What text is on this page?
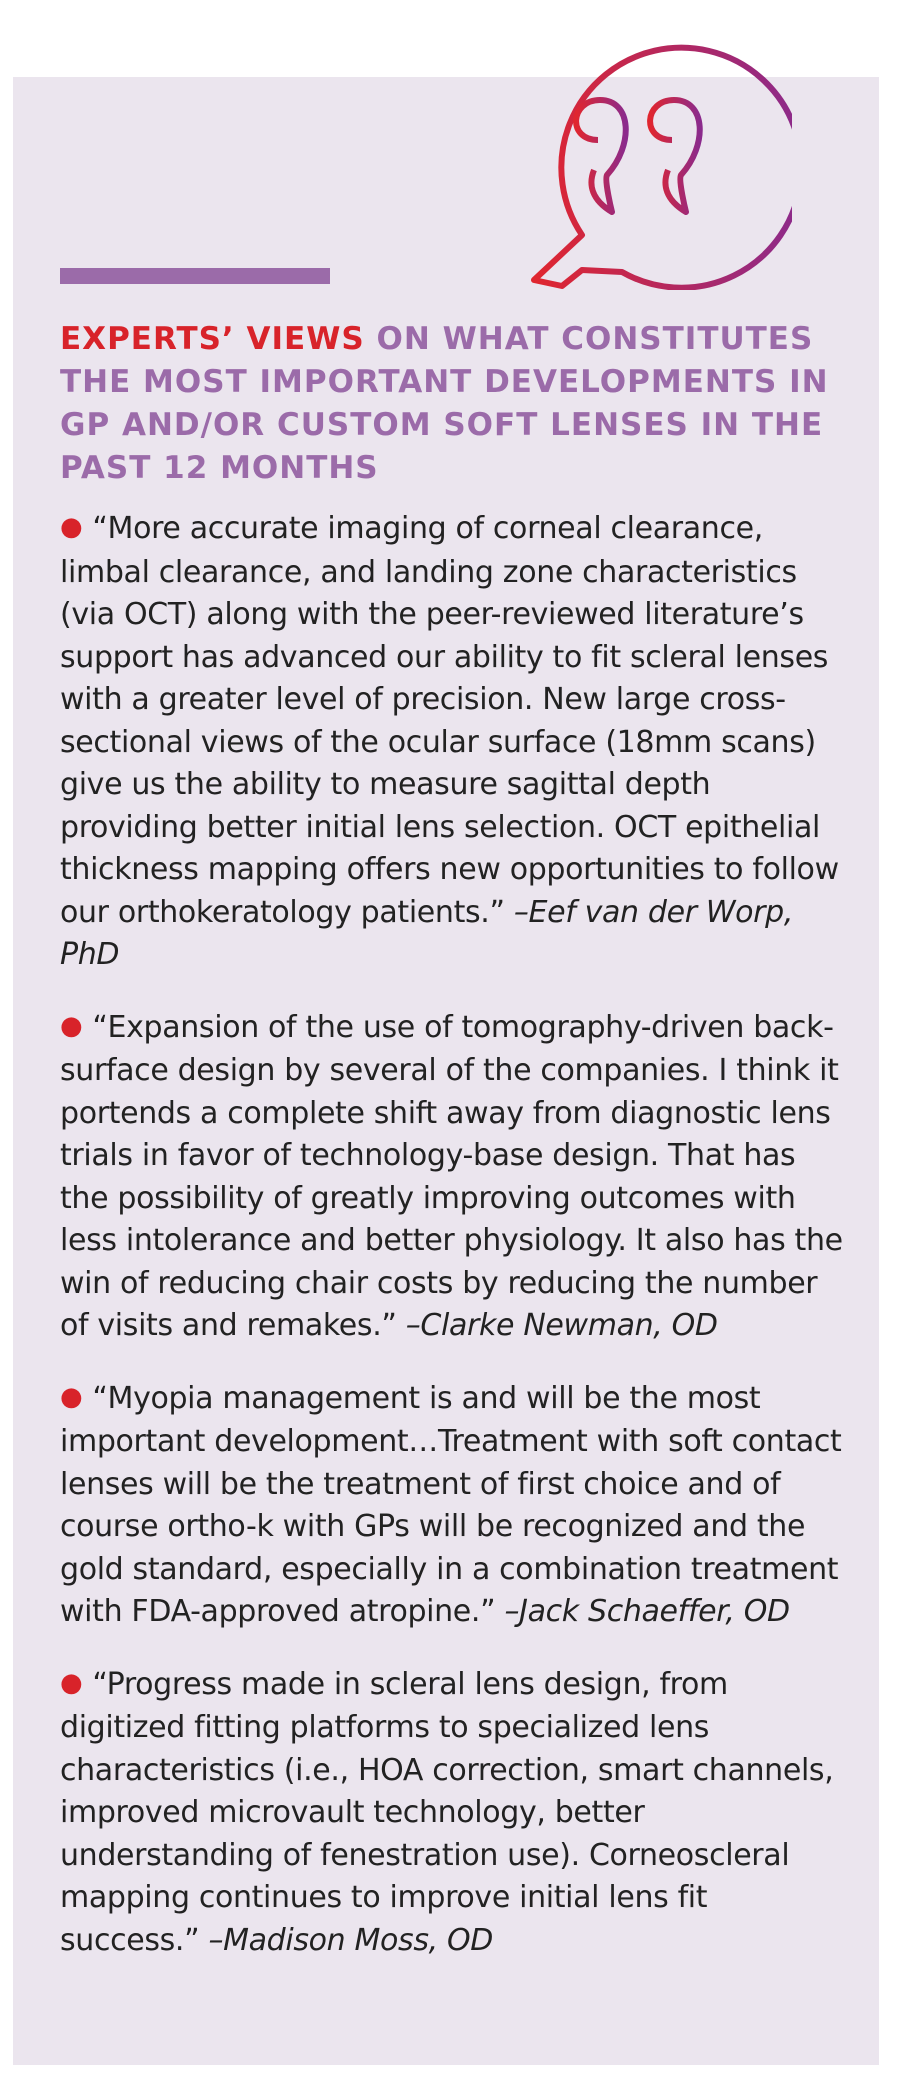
EXPERTS’ VIEWS ON WHAT CONSTITUTES THE MOST IMPORTANT DEVELOPMENTS IN GP AND/OR CUSTOM SOFT LENSES IN THE PAST 12 MONTHS

● “More accurate imaging of corneal clearance, limbal clearance, and landing zone characteristics (via OCT) along with the peer-reviewed literature’s support has advanced our ability to fit scleral lenses with a greater level of precision. New large cross-sectional views of the ocular surface (18mm scans) give us the ability to measure sagittal depth providing better initial lens selection. OCT epithelial thickness mapping offers new opportunities to follow our orthokeratology patients.” –Eef van der Worp, PhD

● “Expansion of the use of tomography-driven back-surface design by several of the companies. I think it portends a complete shift away from diagnostic lens trials in favor of technology-base design. That has the possibility of greatly improving outcomes with less intolerance and better physiology. It also has the win of reducing chair costs by reducing the number of visits and remakes.” –Clarke Newman, OD

● “Myopia management is and will be the most important development…Treatment with soft contact lenses will be the treatment of first choice and of course ortho-k with GPs will be recognized and the gold standard, especially in a combination treatment with FDA-approved atropine.” –Jack Schaeffer, OD

● “Progress made in scleral lens design, from digitized fitting platforms to specialized lens characteristics (i.e., HOA correction, smart channels, improved microvault technology, better understanding of fenestration use). Corneoscleral mapping continues to improve initial lens fit success.” –Madison Moss, OD
